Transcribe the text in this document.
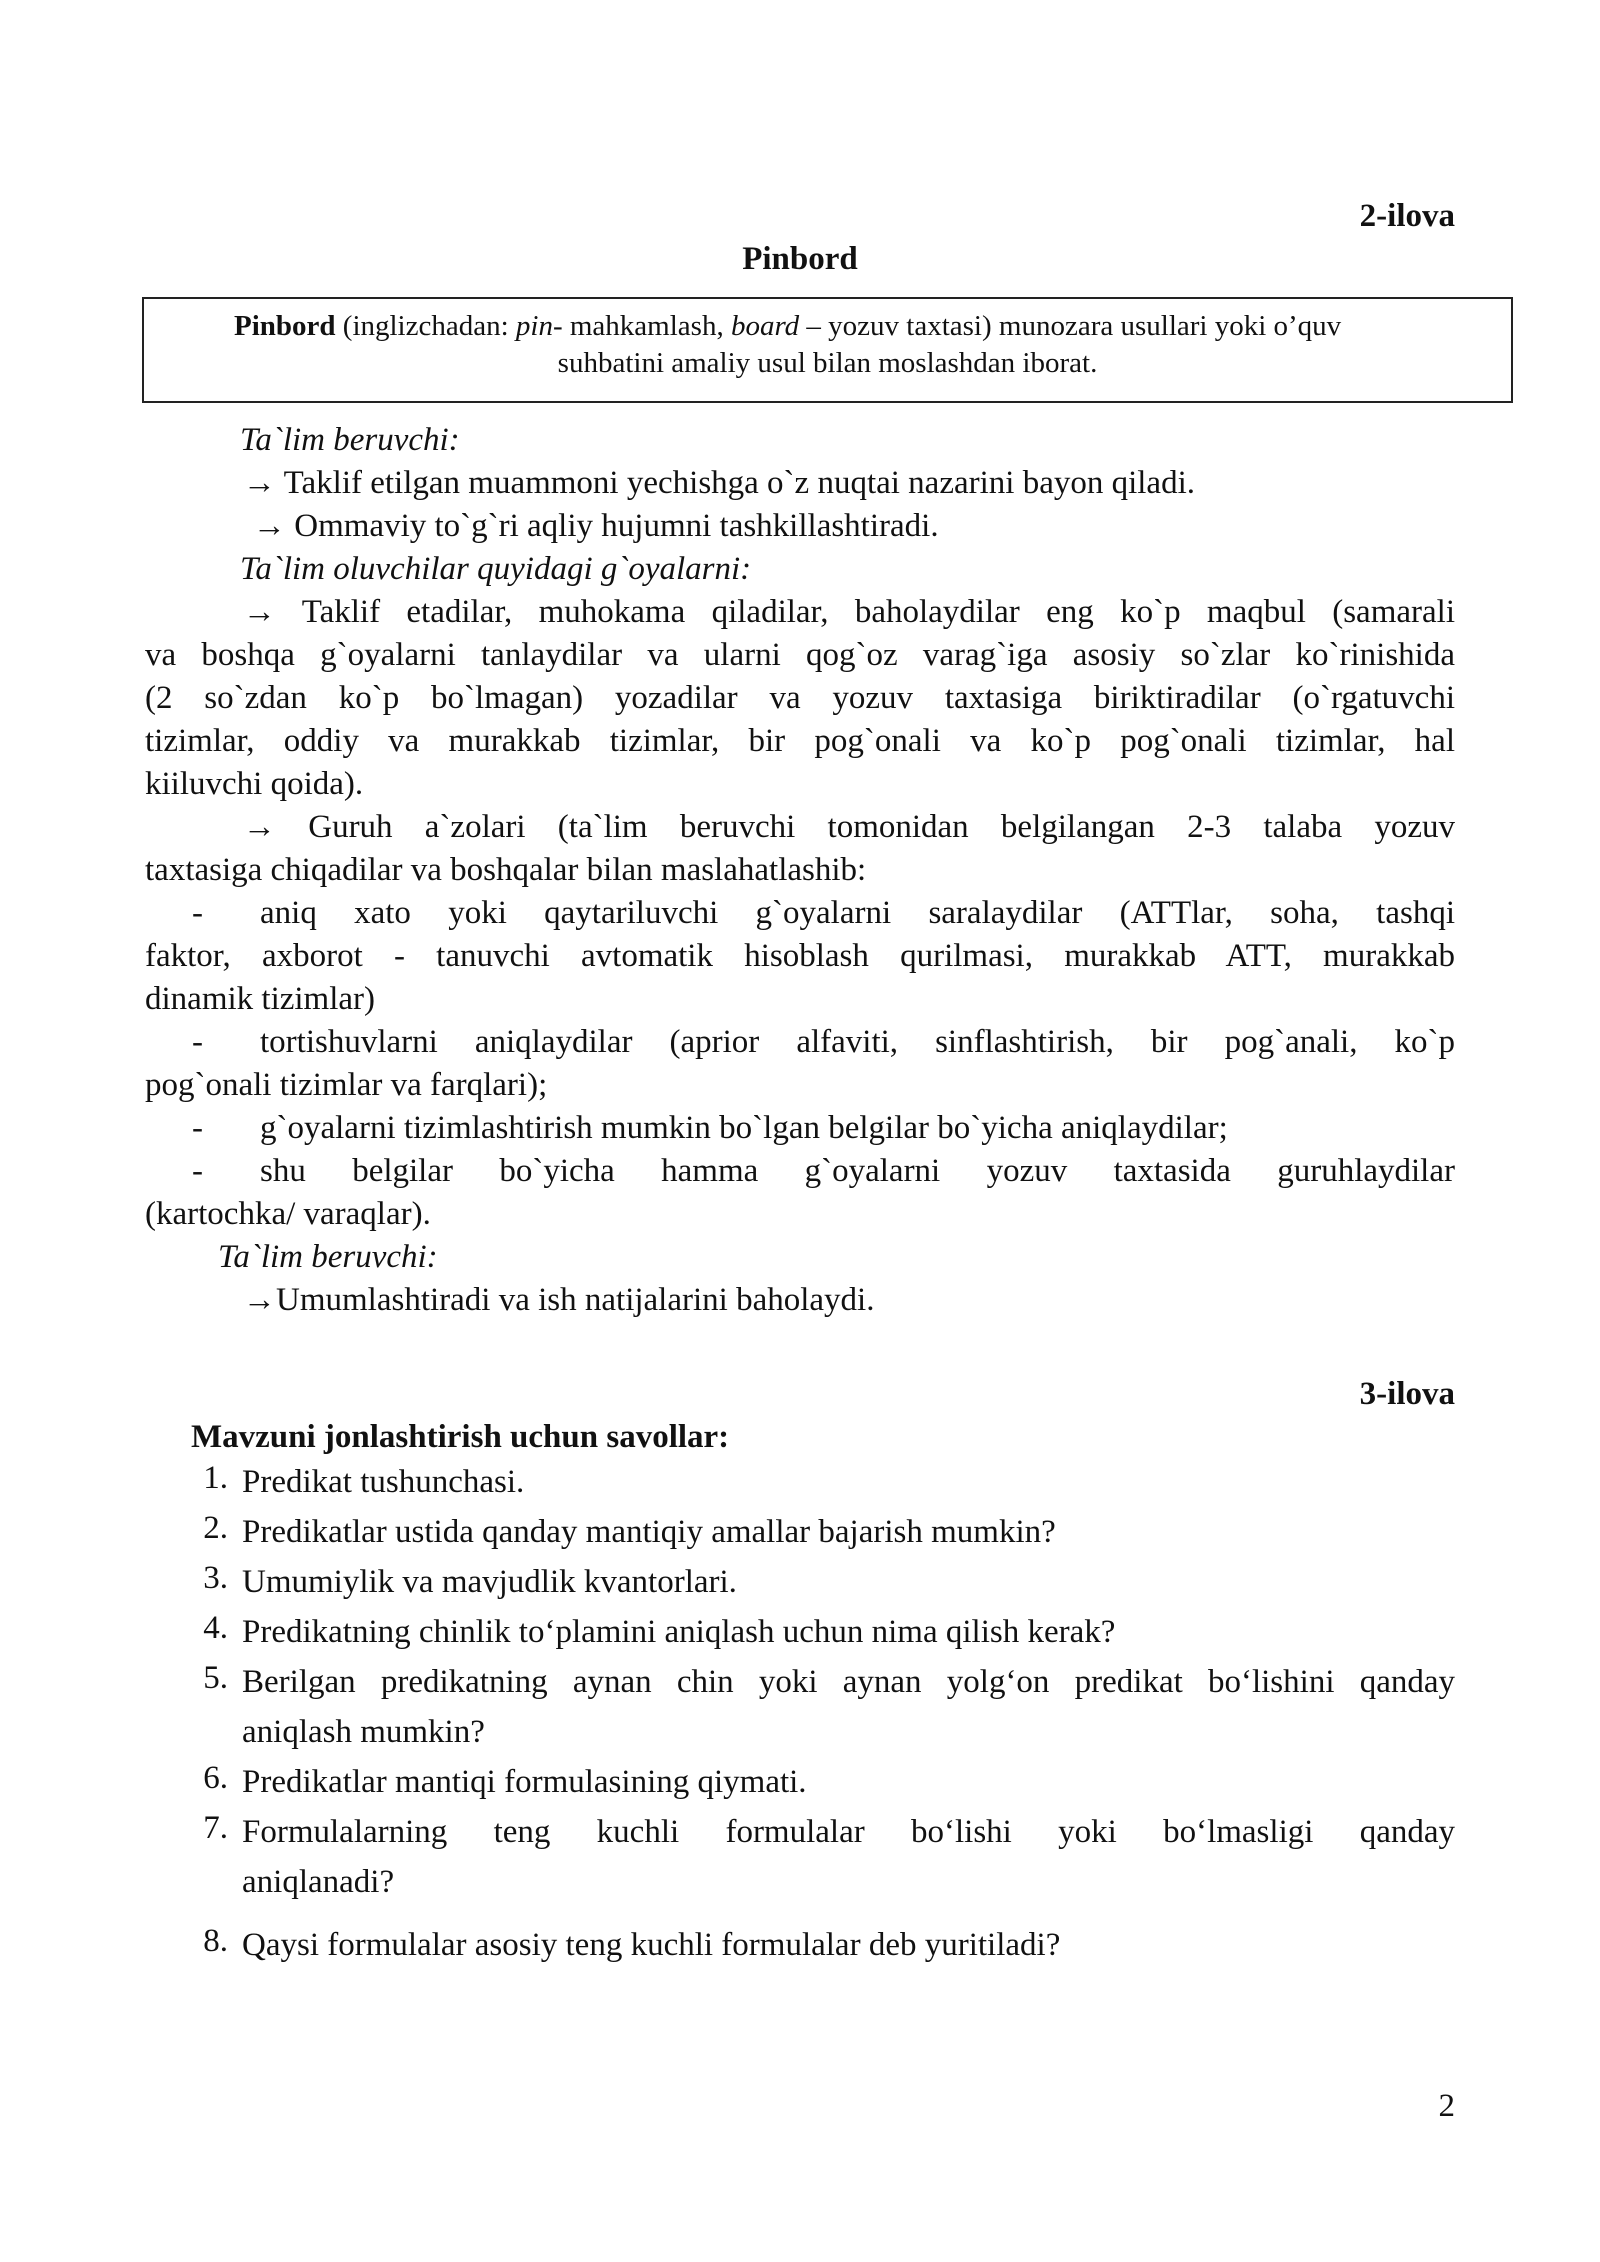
2-ilova
Pinbord
Pinbord (inglizchadan: pin- mahkamlash, board – yozuv taxtasi) munozara usullari yoki o’quv
suhbatini amaliy usul bilan moslashdan iborat.
Ta`lim beruvchi:
→ Taklif etilgan muammoni yechishga o`z nuqtai nazarini bayon qiladi.
→ Ommaviy to`g`ri aqliy hujumni tashkillashtiradi.
Ta`lim oluvchilar quyidagi g`oyalarni:
→ Taklif etadilar, muhokama qiladilar, baholaydilar eng ko`p maqbul (samarali
va boshqa g`oyalarni tanlaydilar va ularni qog`oz varag`iga asosiy so`zlar ko`rinishida
(2 so`zdan ko`p bo`lmagan) yozadilar va yozuv taxtasiga biriktiradilar (o`rgatuvchi
tizimlar, oddiy va murakkab tizimlar, bir pog`onali va ko`p pog`onali tizimlar, hal
kiiluvchi qoida).
→ Guruh a`zolari (ta`lim beruvchi tomonidan belgilangan 2-3 talaba yozuv
taxtasiga chiqadilar va boshqalar bilan maslahatlashib:
-	aniq xato yoki qaytariluvchi g`oyalarni saralaydilar (ATTlar, soha, tashqi
faktor, axborot - tanuvchi avtomatik hisoblash qurilmasi, murakkab ATT, murakkab
dinamik tizimlar)
-	tortishuvlarni aniqlaydilar (aprior alfaviti, sinflashtirish, bir pog`anali, ko`p
pog`onali tizimlar va farqlari);
-	g`oyalarni tizimlashtirish mumkin bo`lgan belgilar bo`yicha aniqlaydilar;
-	shu belgilar bo`yicha hamma g`oyalarni yozuv taxtasida guruhlaydilar
(kartochka/ varaqlar).
Ta`lim beruvchi:
→Umumlashtiradi va ish natijalarini baholaydi.
3-ilova
Mavzuni jonlashtirish uchun savollar:
1. Predikat tushunchasi.
2. Predikatlar ustida qanday mantiqiy amallar bajarish mumkin?
3. Umumiylik va mavjudlik kvantorlari.
4. Predikatning chinlik to‘plamini aniqlash uchun nima qilish kerak?
5. Berilgan predikatning aynan chin yoki aynan yolg‘on predikat bo‘lishini qanday
aniqlash mumkin?
6. Predikatlar mantiqi formulasining qiymati.
7. Formulalarning teng kuchli formulalar bo‘lishi yoki bo‘lmasligi qanday
aniqlanadi?
8. Qaysi formulalar asosiy teng kuchli formulalar deb yuritiladi?
2
